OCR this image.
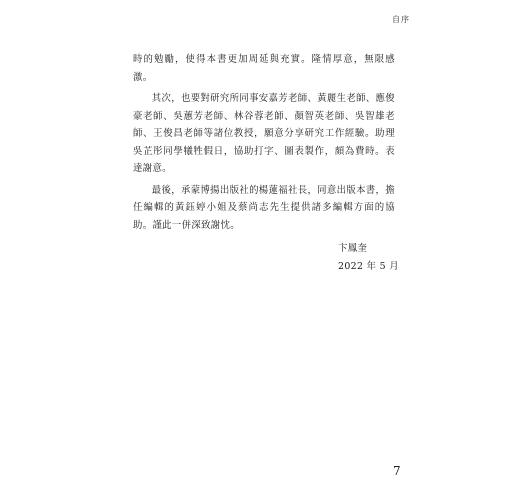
自序

時的勉勵，使得本書更加周延與充實。隆情厚意，無限感激。

其次，也要對研究所同事安嘉芳老師、黃麗生老師、應俊豪老師、吳蕙芳老師、林谷蓉老師、顏智英老師、吳智雄老師、王俊昌老師等諸位教授，願意分享研究工作經驗。助理吳芷彤同學犧牲假日，協助打字、圖表製作，頗為費時。表達謝意。

最後，承蒙博揚出版社的楊蓮福社長，同意出版本書，擔任編輯的黃鈺婷小姐及蔡尚志先生提供諸多編輯方面的協助。謹此一併深致謝忱。

卞鳳奎
2022 年 5 月
7
